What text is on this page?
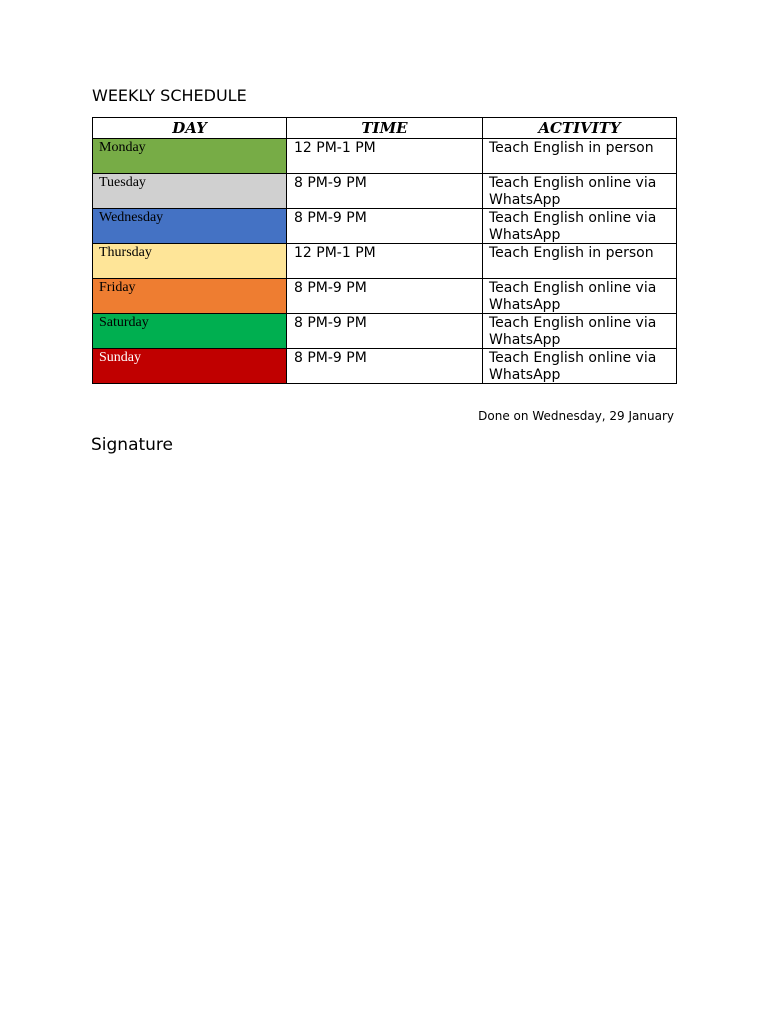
WEEKLY SCHEDULE
DAY	TIME	ACTIVITY
Monday	12 PM-1 PM	Teach English in person
Tuesday	8 PM-9 PM	Teach English online via WhatsApp
Wednesday	8 PM-9 PM	Teach English online via WhatsApp
Thursday	12 PM-1 PM	Teach English in person
Friday	8 PM-9 PM	Teach English online via WhatsApp
Saturday	8 PM-9 PM	Teach English online via WhatsApp
Sunday	8 PM-9 PM	Teach English online via WhatsApp
Done on Wednesday, 29 January
Signature
